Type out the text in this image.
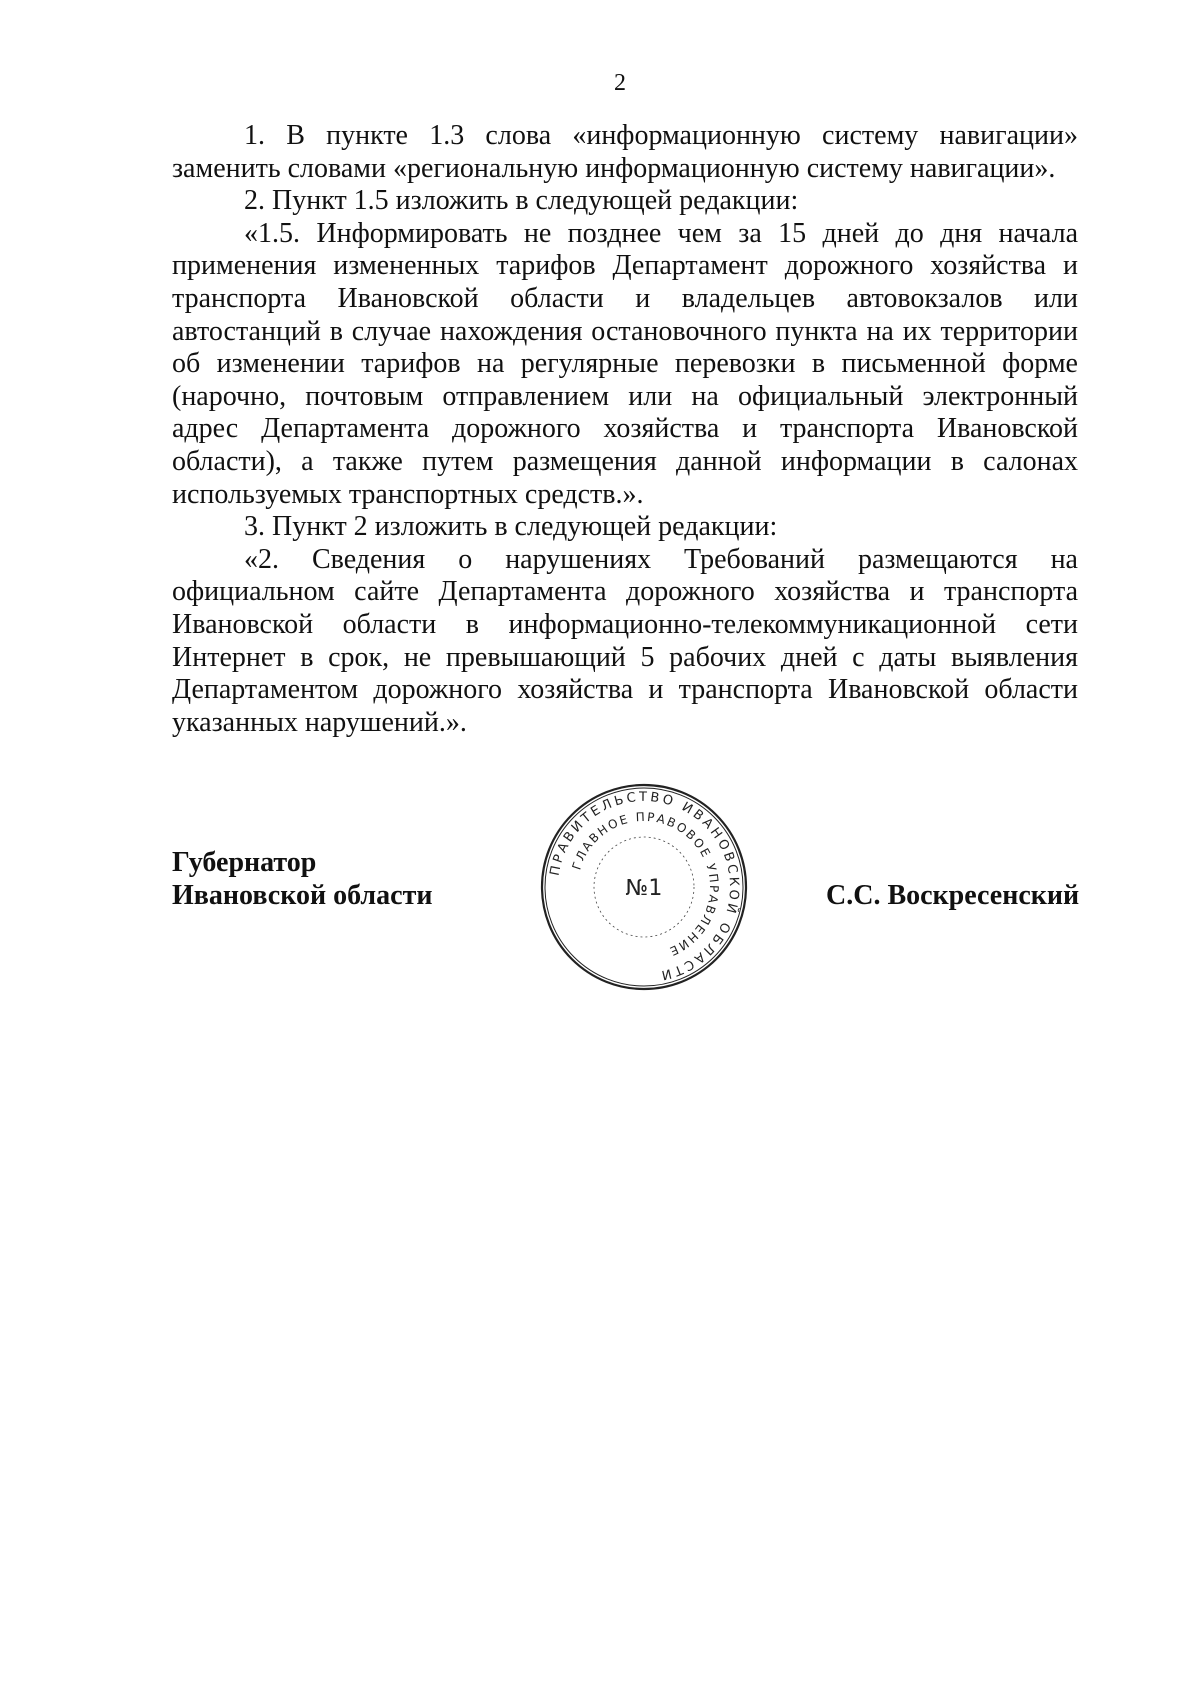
2

1. В пункте 1.3 слова «информационную систему навигации» заменить словами «региональную информационную систему навигации».

2. Пункт 1.5 изложить в следующей редакции:

«1.5. Информировать не позднее чем за 15 дней до дня начала применения измененных тарифов Департамент дорожного хозяйства и транспорта Ивановской области и владельцев автовокзалов или автостанций в случае нахождения остановочного пункта на их территории об изменении тарифов на регулярные перевозки в письменной форме (нарочно, почтовым отправлением или на официальный электронный адрес Департамента дорожного хозяйства и транспорта Ивановской области), а также путем размещения данной информации в салонах используемых транспортных средств.».

3. Пункт 2 изложить в следующей редакции:

«2. Сведения о нарушениях Требований размещаются на официальном сайте Департамента дорожного хозяйства и транспорта Ивановской области в информационно-телекоммуникационной сети Интернет в срок, не превышающий 5 рабочих дней с даты выявления Департаментом дорожного хозяйства и транспорта Ивановской области указанных нарушений.».

Губернатор
Ивановской области
ПРАВИТЕЛЬСТВО ИВАНОВСКОЙ ОБЛАСТИ
ГЛАВНОЕ ПРАВОВОЕ УПРАВЛЕНИЕ
№1	С.С. Воскресенский
